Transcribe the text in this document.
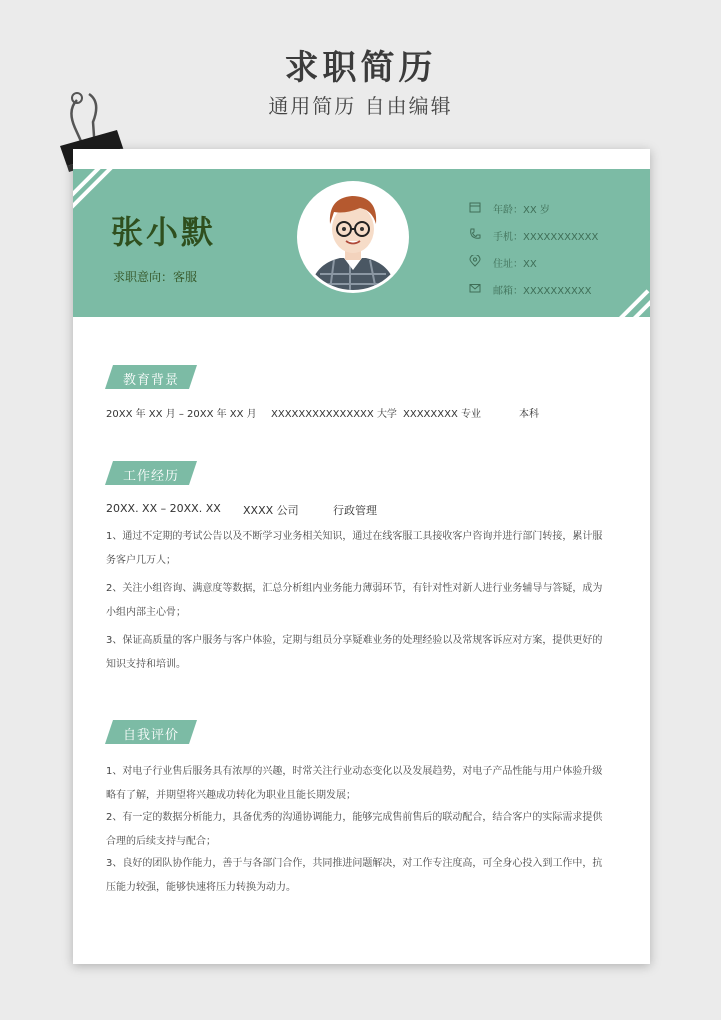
求职简历
通用简历 自由编辑
张小默
求职意向：客服
年龄：XX 岁
手机：XXXXXXXXXXX
住址：XX
邮箱：XXXXXXXXXX
教育背景
20XX 年 XX 月 – 20XX 年 XX 月 XXXXXXXXXXXXXXX 大学 XXXXXXXX 专业	本科
工作经历
20XX. XX – 20XX. XX XXXX 公司	行政管理
1、通过不定期的考试公告以及不断学习业务相关知识，通过在线客服工具接收客户咨询并进行部门转接，累计服务客户几万人；
2、关注小组咨询、满意度等数据，汇总分析组内业务能力薄弱环节，有针对性对新人进行业务辅导与答疑，成为小组内部主心骨；
3、保证高质量的客户服务与客户体验，定期与组员分享疑难业务的处理经验以及常规客诉应对方案，提供更好的知识支持和培训。
自我评价
1、对电子行业售后服务具有浓厚的兴趣，时常关注行业动态变化以及发展趋势，对电子产品性能与用户体验升级略有了解，并期望将兴趣成功转化为职业且能长期发展；
2、有一定的数据分析能力，具备优秀的沟通协调能力，能够完成售前售后的联动配合，结合客户的实际需求提供合理的后续支持与配合；
3、良好的团队协作能力，善于与各部门合作，共同推进问题解决，对工作专注度高，可全身心投入到工作中，抗压能力较强，能够快速将压力转换为动力。
